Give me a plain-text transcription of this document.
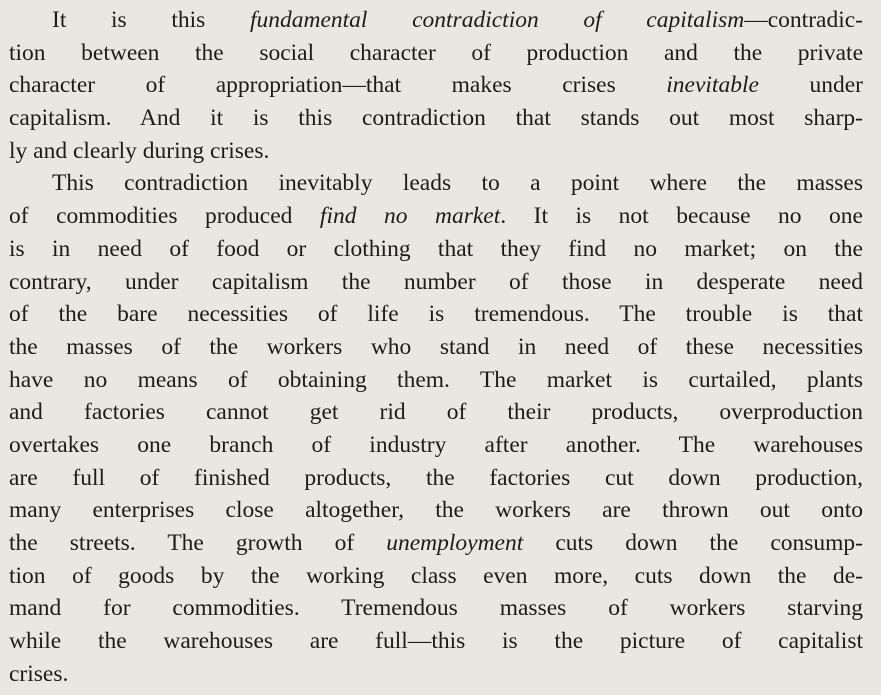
It is this fundamental contradiction of capitalism—contradic-
tion between the social character of production and the private
character of appropriation—that makes crises inevitable under
capitalism. And it is this contradiction that stands out most sharp-
ly and clearly during crises.
This contradiction inevitably leads to a point where the masses
of commodities produced find no market. It is not because no one
is in need of food or clothing that they find no market; on the
contrary, under capitalism the number of those in desperate need
of the bare necessities of life is tremendous. The trouble is that
the masses of the workers who stand in need of these necessities
have no means of obtaining them. The market is curtailed, plants
and factories cannot get rid of their products, overproduction
overtakes one branch of industry after another. The warehouses
are full of finished products, the factories cut down production,
many enterprises close altogether, the workers are thrown out onto
the streets. The growth of unemployment cuts down the consump-
tion of goods by the working class even more, cuts down the de-
mand for commodities. Tremendous masses of workers starving
while the warehouses are full—this is the picture of capitalist
crises.
